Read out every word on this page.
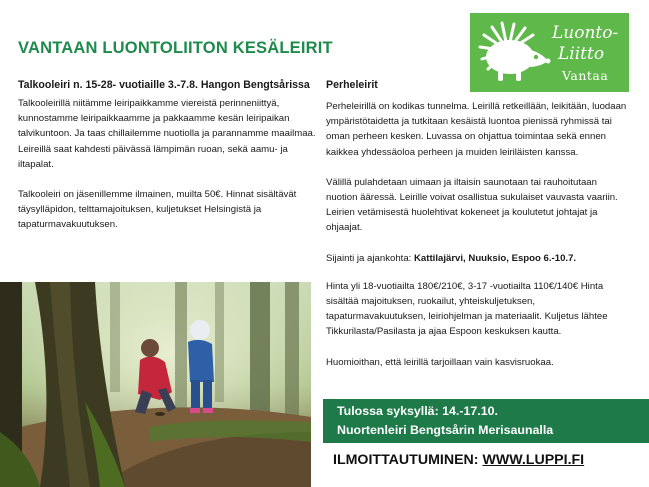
VANTAAN LUONTOLIITON KESÄLEIRIT
Luonto-
Liitto
Vantaa
Talkooleiri n. 15-28- vuotiaille 3.-7.8. Hangon Bengtsårissa
Talkooleirillä niitämme leiripaikkamme viereistä perinneniittyä, kunnostamme leiripaikkaamme ja pakkaamme kesän leiripaikan talvikuntoon. Ja taas chillailemme nuotiolla ja parannamme maailmaa. Leireillä saat kahdesti päivässä lämpimän ruoan, sekä aamu- ja iltapalat.
Talkooleiri on jäsenillemme ilmainen, muilta 50€. Hinnat sisältävät täysylläpidon, telttamajoituksen, kuljetukset Helsingistä ja tapaturmavakuutuksen.
Perheleirit
Perheleirillä on kodikas tunnelma. Leirillä retkeillään, leikitään, luodaan ympäristötaidetta ja tutkitaan kesäistä luontoa pienissä ryhmissä tai oman perheen kesken. Luvassa on ohjattua toimintaa sekä ennen kaikkea yhdessäoloa perheen ja muiden leiriläisten kanssa.
Välillä pulahdetaan uimaan ja iltaisin saunotaan tai rauhoitutaan nuotion ääressä. Leirille voivat osallistua sukulaiset vauvasta vaariin. Leirien vetämisestä huolehtivat kokeneet ja koulutetut johtajat ja ohjaajat.
Sijainti ja ajankohta: Kattilajärvi, Nuuksio, Espoo 6.-10.7.
Hinta yli 18-vuotiailta 180€/210€, 3-17 -vuotiailta 110€/140€ Hinta sisältää majoituksen, ruokailut, yhteiskuljetuksen, tapaturmavakuutuksen, leiriohjelman ja materiaalit. Kuljetus lähtee Tikkurilasta/Pasilasta ja ajaa Espoon keskuksen kautta.
Huomioithan, että leirillä tarjoillaan vain kasvisruokaa.
Tulossa syksyllä: 14.-17.10.
Nuortenleiri Bengtsårin Merisaunalla
ILMOITTAUTUMINEN: WWW.LUPPI.FI
